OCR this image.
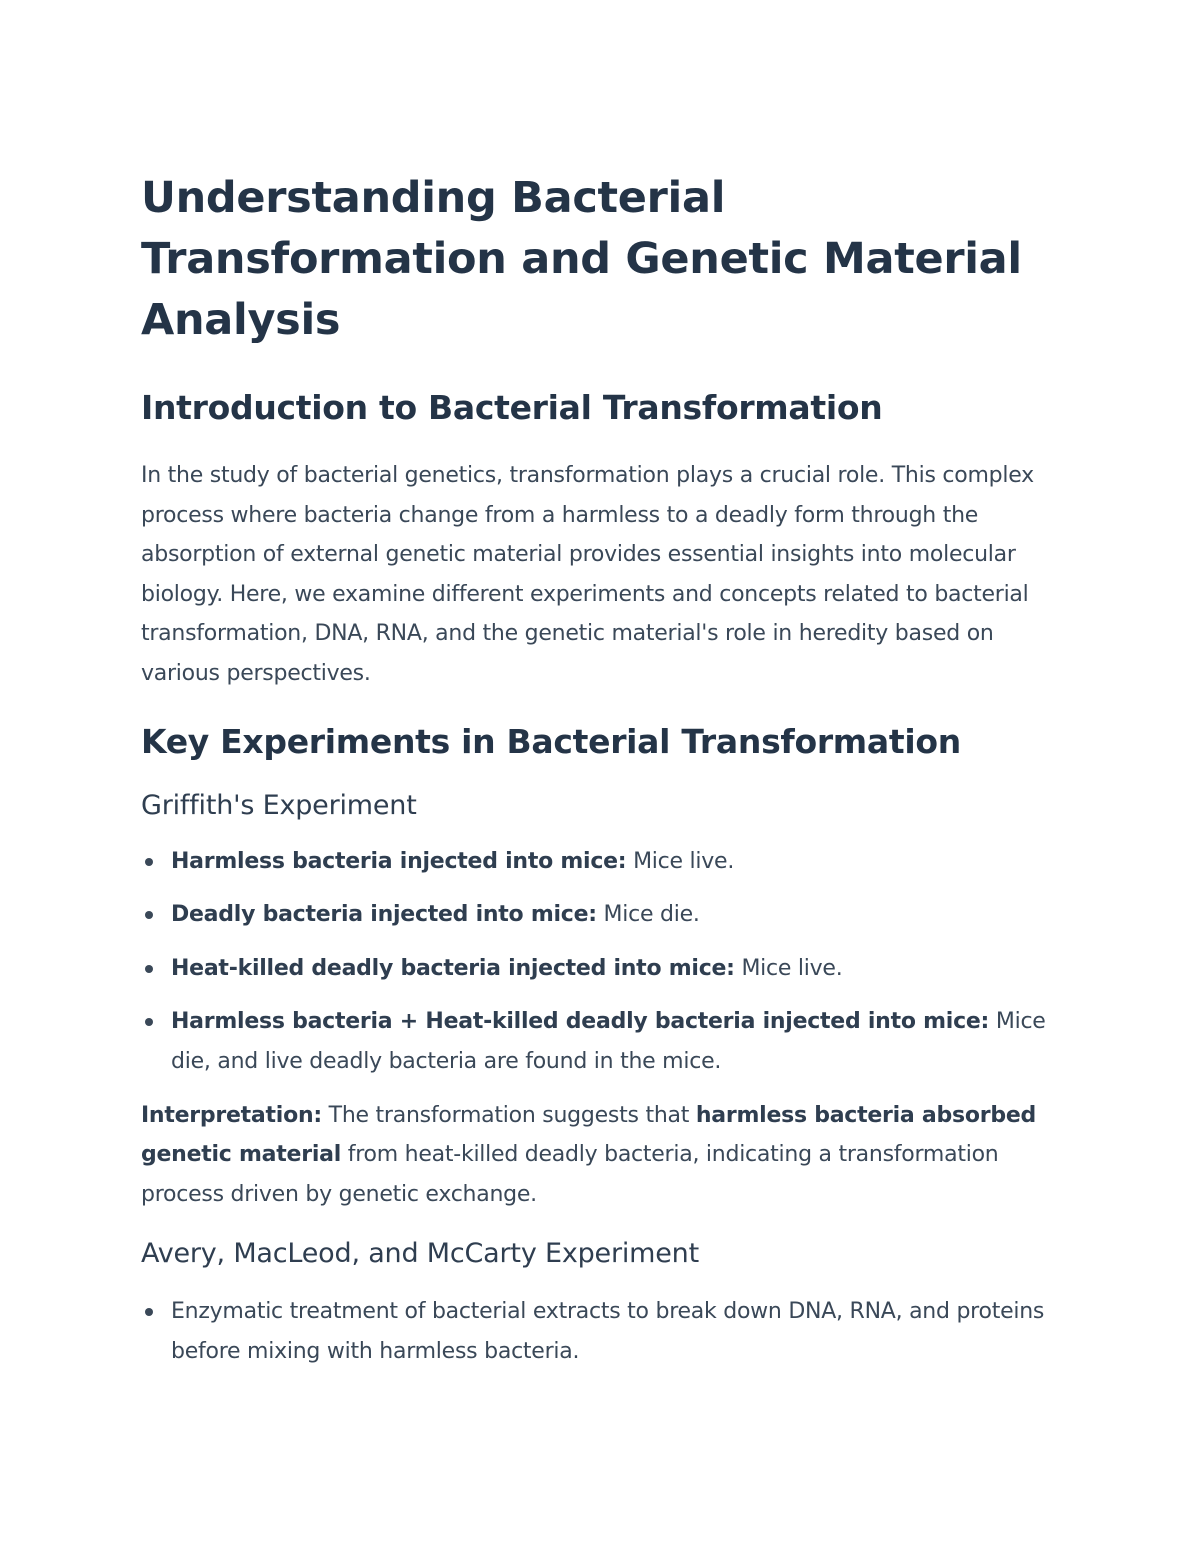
Understanding Bacterial Transformation and Genetic Material Analysis
Introduction to Bacterial Transformation

In the study of bacterial genetics, transformation plays a crucial role. This complex process where bacteria change from a harmless to a deadly form through the absorption of external genetic material provides essential insights into molecular biology. Here, we examine different experiments and concepts related to bacterial transformation, DNA, RNA, and the genetic material's role in heredity based on various perspectives.

Key Experiments in Bacterial Transformation
Griffith's Experiment
Harmless bacteria injected into mice: Mice live.
Deadly bacteria injected into mice: Mice die.
Heat-killed deadly bacteria injected into mice: Mice live.
Harmless bacteria + Heat-killed deadly bacteria injected into mice: Mice die, and live deadly bacteria are found in the mice.

Interpretation: The transformation suggests that harmless bacteria absorbed genetic material from heat-killed deadly bacteria, indicating a transformation process driven by genetic exchange.

Avery, MacLeod, and McCarty Experiment
Enzymatic treatment of bacterial extracts to break down DNA, RNA, and proteins before mixing with harmless bacteria.
